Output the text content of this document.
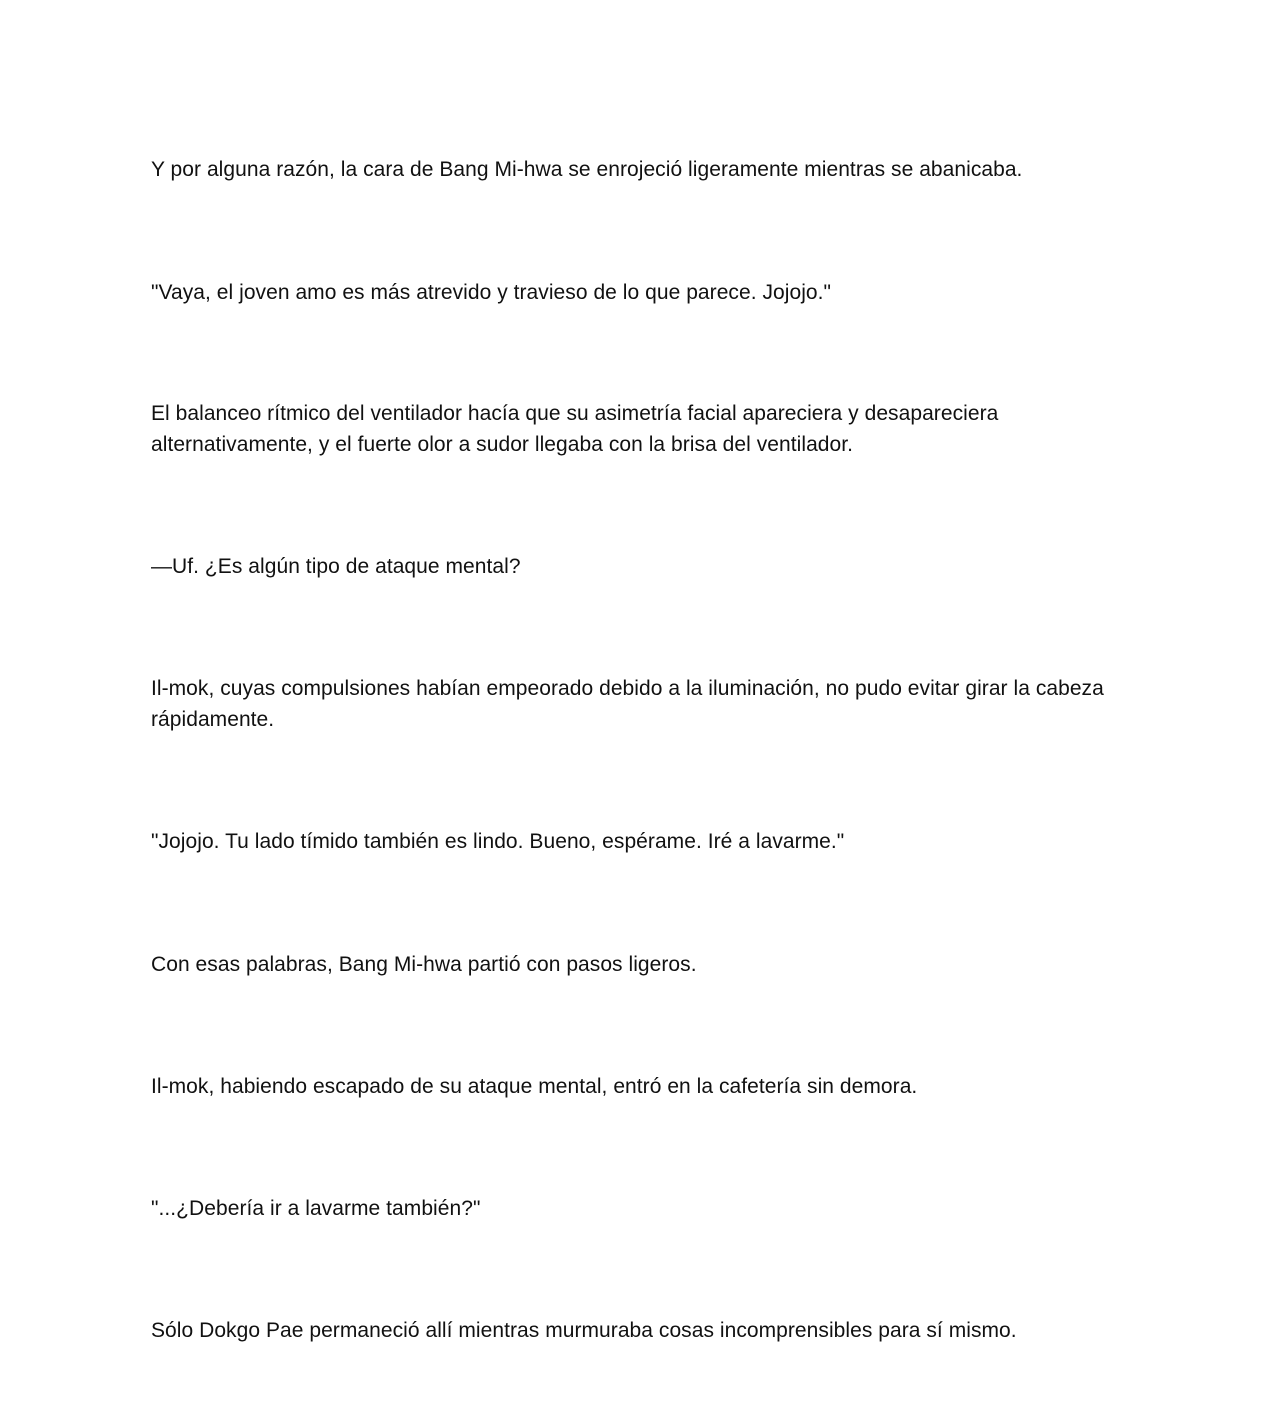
Y por alguna razón, la cara de Bang Mi-hwa se enrojeció ligeramente mientras se abanicaba.

"Vaya, el joven amo es más atrevido y travieso de lo que parece. Jojojo."

El balanceo rítmico del ventilador hacía que su asimetría facial apareciera y desapareciera alternativamente, y el fuerte olor a sudor llegaba con la brisa del ventilador.

—Uf. ¿Es algún tipo de ataque mental?

Il-mok, cuyas compulsiones habían empeorado debido a la iluminación, no pudo evitar girar la cabeza rápidamente.

"Jojojo. Tu lado tímido también es lindo. Bueno, espérame. Iré a lavarme."

Con esas palabras, Bang Mi-hwa partió con pasos ligeros.

Il-mok, habiendo escapado de su ataque mental, entró en la cafetería sin demora.

"...¿Debería ir a lavarme también?"

Sólo Dokgo Pae permaneció allí mientras murmuraba cosas incomprensibles para sí mismo.
